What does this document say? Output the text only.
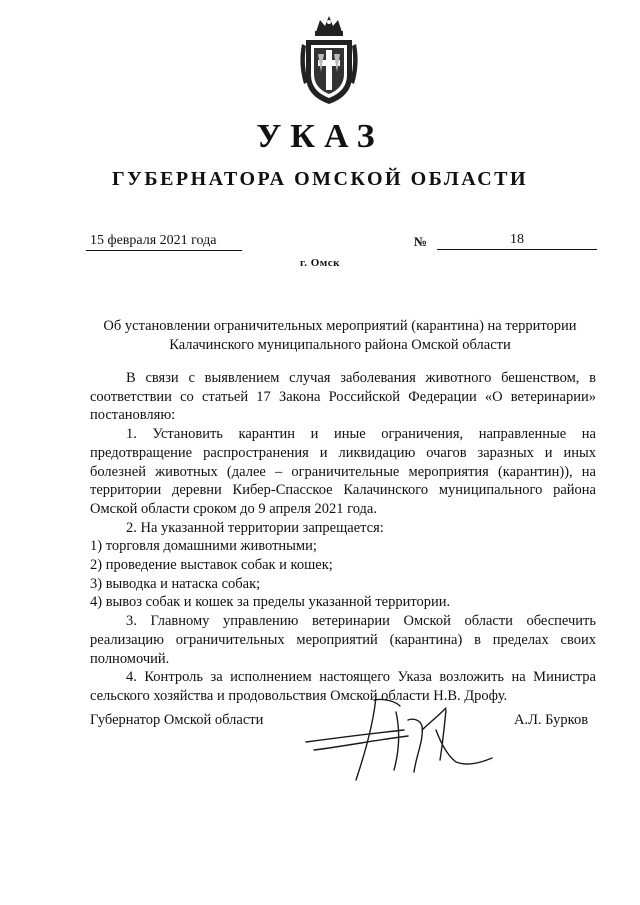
УКАЗ
ГУБЕРНАТОРА ОМСКОЙ ОБЛАСТИ
15 февраля 2021 года	№	18
г. Омск
Об установлении ограничительных мероприятий (карантина) на территории Калачинского муниципального района Омской области

В связи с выявлением случая заболевания животного бешенством, в соответствии со статьей 17 Закона Российской Федерации «О ветеринарии» постановляю:

1. Установить карантин и иные ограничения, направленные на предотвращение распространения и ликвидацию очагов заразных и иных болезней животных (далее – ограничительные мероприятия (карантин)), на территории деревни Кибер-Спасское Калачинского муниципального района Омской области сроком до 9 апреля 2021 года.

2. На указанной территории запрещается:

1) торговля домашними животными;

2) проведение выставок собак и кошек;

3) выводка и натаска собак;

4) вывоз собак и кошек за пределы указанной территории.

3. Главному управлению ветеринарии Омской области обеспечить реализацию ограничительных мероприятий (карантина) в пределах своих полномочий.

4. Контроль за исполнением настоящего Указа возложить на Министра сельского хозяйства и продовольствия Омской области Н.В. Дрофу.

Губернатор Омской области	А.Л. Бурков
